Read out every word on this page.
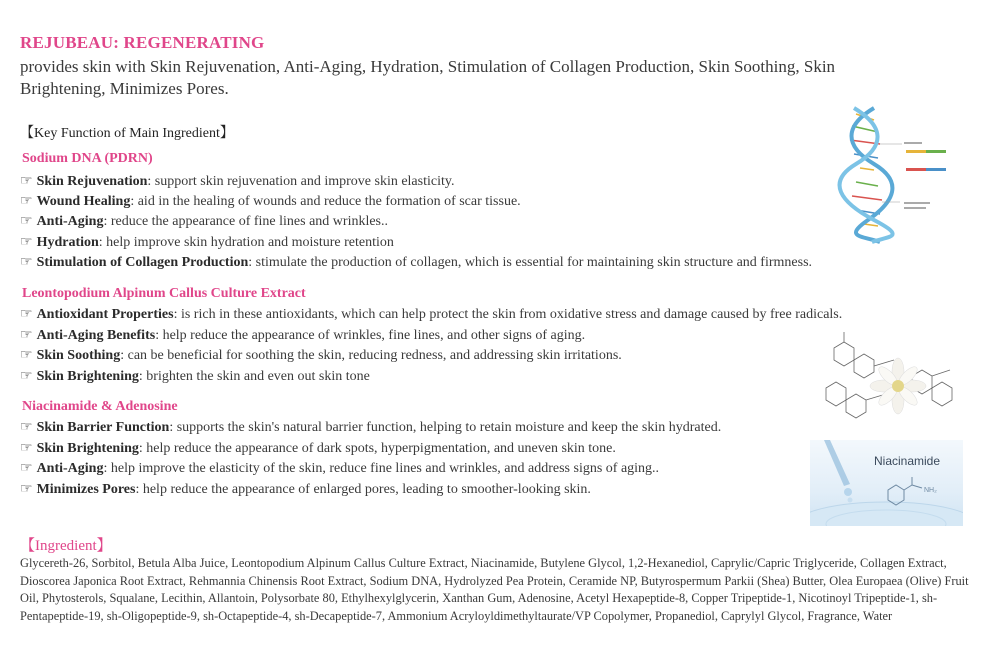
REJUBEAU: REGENERATING
provides skin with Skin Rejuvenation, Anti-Aging, Hydration, Stimulation of Collagen Production, Skin Soothing, Skin Brightening, Minimizes Pores.
【Key Function of Main Ingredient】
Sodium DNA (PDRN)
☞ Skin Rejuvenation: support skin rejuvenation and improve skin elasticity.
☞ Wound Healing: aid in the healing of wounds and reduce the formation of scar tissue.
☞ Anti-Aging: reduce the appearance of fine lines and wrinkles..
☞ Hydration: help improve skin hydration and moisture retention
☞ Stimulation of Collagen Production: stimulate the production of collagen, which is essential for maintaining skin structure and firmness.
Leontopodium Alpinum Callus Culture Extract
☞ Antioxidant Properties: is rich in these antioxidants, which can help protect the skin from oxidative stress and damage caused by free radicals.
☞ Anti-Aging Benefits: help reduce the appearance of wrinkles, fine lines, and other signs of aging.
☞ Skin Soothing: can be beneficial for soothing the skin, reducing redness, and addressing skin irritations.
☞ Skin Brightening: brighten the skin and even out skin tone
Niacinamide & Adenosine
☞ Skin Barrier Function: supports the skin's natural barrier function, helping to retain moisture and keep the skin hydrated.
☞ Skin Brightening: help reduce the appearance of dark spots, hyperpigmentation, and uneven skin tone.
☞ Anti-Aging: help improve the elasticity of the skin, reduce fine lines and wrinkles, and address signs of aging..
☞ Minimizes Pores: help reduce the appearance of enlarged pores, leading to smoother-looking skin.
【Ingredient】
Glycereth-26, Sorbitol, Betula Alba Juice, Leontopodium Alpinum Callus Culture Extract, Niacinamide, Butylene Glycol, 1,2-Hexanediol, Caprylic/Capric Triglyceride, Collagen Extract, Dioscorea Japonica Root Extract, Rehmannia Chinensis Root Extract, Sodium DNA, Hydrolyzed Pea Protein, Ceramide NP, Butyrospermum Parkii (Shea) Butter, Olea Europaea (Olive) Fruit Oil, Phytosterols, Squalane, Lecithin, Allantoin, Polysorbate 80, Ethylhexylglycerin, Xanthan Gum, Adenosine, Acetyl Hexapeptide-8, Copper Tripeptide-1, Nicotinoyl Tripeptide-1, sh-Pentapeptide-19, sh-Oligopeptide-9, sh-Octapeptide-4, sh-Decapeptide-7, Ammonium Acryloyldimethyltaurate/VP Copolymer, Propanediol, Caprylyl Glycol, Fragrance, Water
NH₂
Niacinamide
